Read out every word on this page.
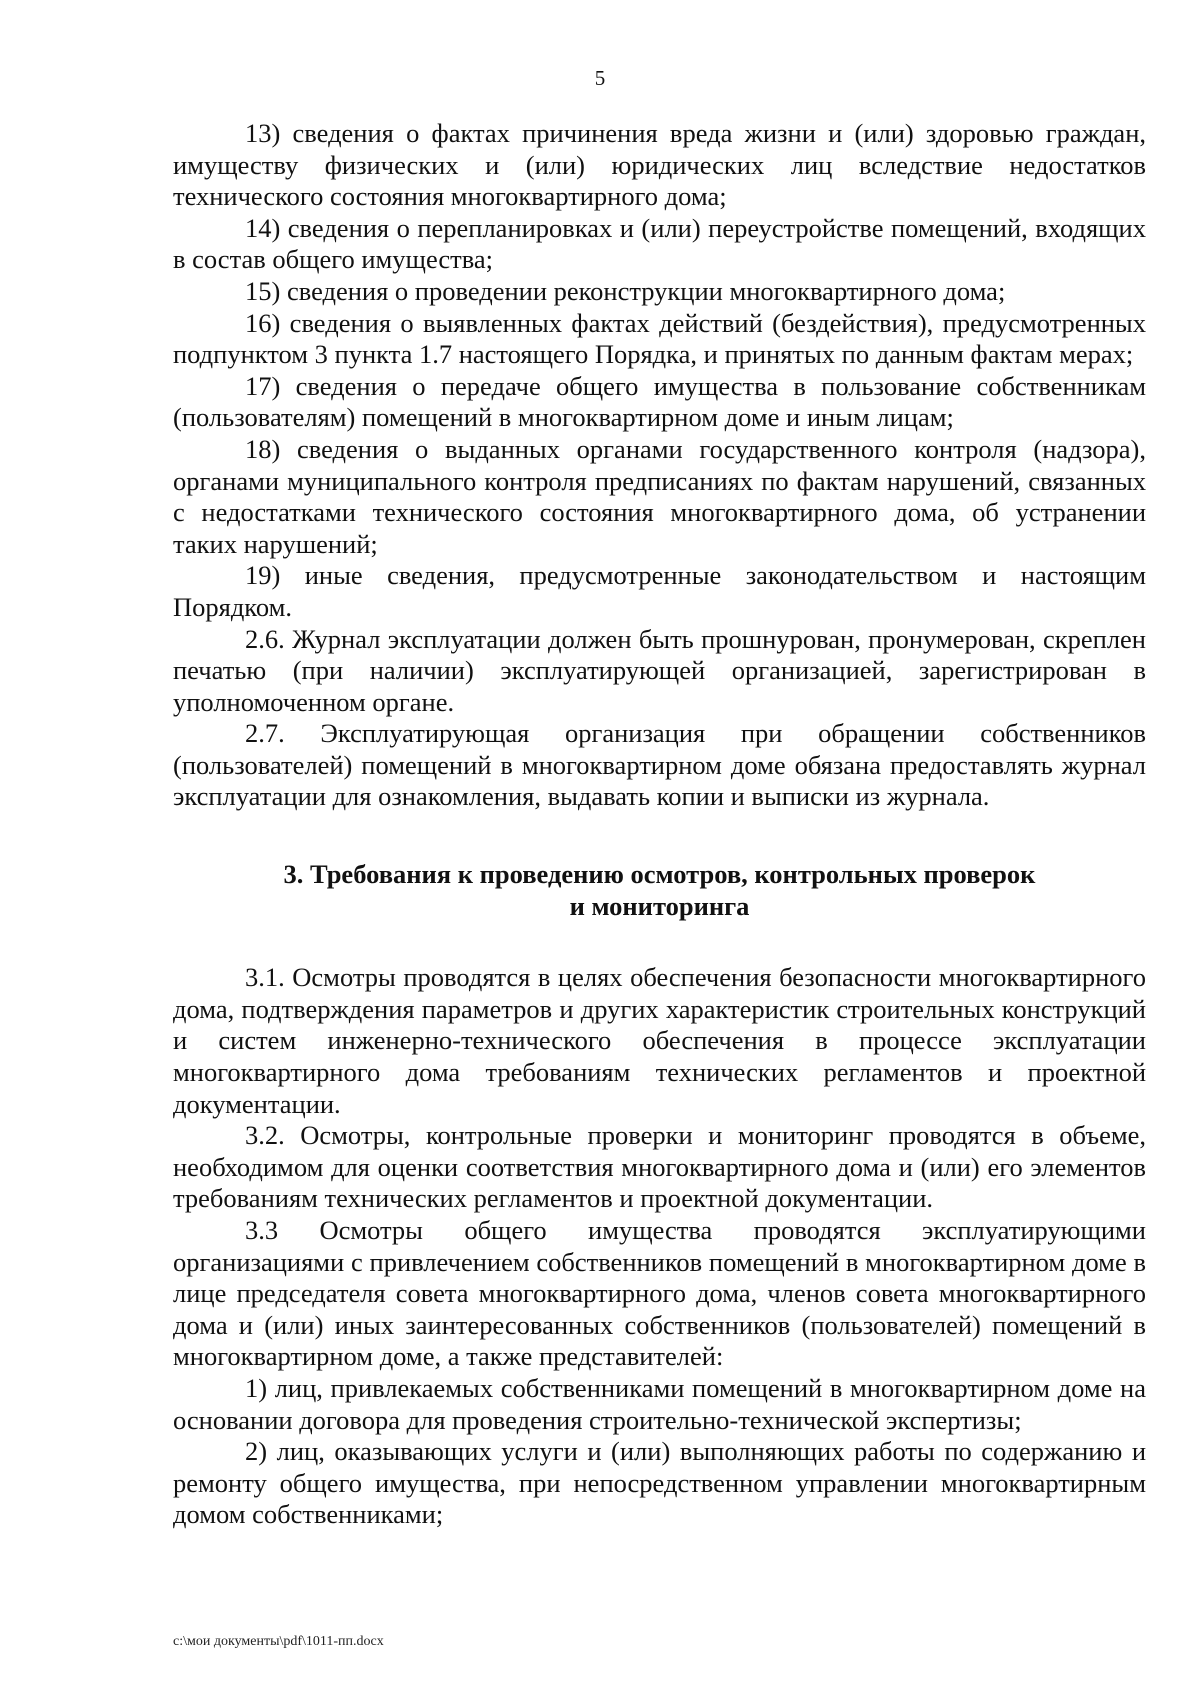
5

13) сведения о фактах причинения вреда жизни и (или) здоровью граждан, имуществу физических и (или) юридических лиц вследствие недостатков технического состояния многоквартирного дома;

14) сведения о перепланировках и (или) переустройстве помещений, входящих в состав общего имущества;

15) сведения о проведении реконструкции многоквартирного дома;

16) сведения о выявленных фактах действий (бездействия), предусмотренных подпунктом 3 пункта 1.7 настоящего Порядка, и принятых по данным фактам мерах;

17) сведения о передаче общего имущества в пользование собственникам (пользователям) помещений в многоквартирном доме и иным лицам;

18) сведения о выданных органами государственного контроля (надзора), органами муниципального контроля предписаниях по фактам нарушений, связанных с недостатками технического состояния многоквартирного дома, об устранении таких нарушений;

19) иные сведения, предусмотренные законодательством и настоящим Порядком.

2.6. Журнал эксплуатации должен быть прошнурован, пронумерован, скреплен печатью (при наличии) эксплуатирующей организацией, зарегистрирован в уполномоченном органе.

2.7. Эксплуатирующая организация при обращении собственников (пользователей) помещений в многоквартирном доме обязана предоставлять журнал эксплуатации для ознакомления, выдавать копии и выписки из журнала.

3. Требования к проведению осмотров, контрольных проверок
и мониторинга

3.1. Осмотры проводятся в целях обеспечения безопасности многоквартирного дома, подтверждения параметров и других характеристик строительных конструкций и систем инженерно-технического обеспечения в процессе эксплуатации многоквартирного дома требованиям технических регламентов и проектной документации.

3.2. Осмотры, контрольные проверки и мониторинг проводятся в объеме, необходимом для оценки соответствия многоквартирного дома и (или) его элементов требованиям технических регламентов и проектной документации.

3.3 Осмотры общего имущества проводятся эксплуатирующими организациями с привлечением собственников помещений в многоквартирном доме в лице председателя совета многоквартирного дома, членов совета многоквартирного дома и (или) иных заинтересованных собственников (пользователей) помещений в многоквартирном доме, а также представителей:

1) лиц, привлекаемых собственниками помещений в многоквартирном доме на основании договора для проведения строительно-технической экспертизы;

2) лиц, оказывающих услуги и (или) выполняющих работы по содержанию и ремонту общего имущества, при непосредственном управлении многоквартирным домом собственниками;

c:\мои документы\pdf\1011-пп.docx
